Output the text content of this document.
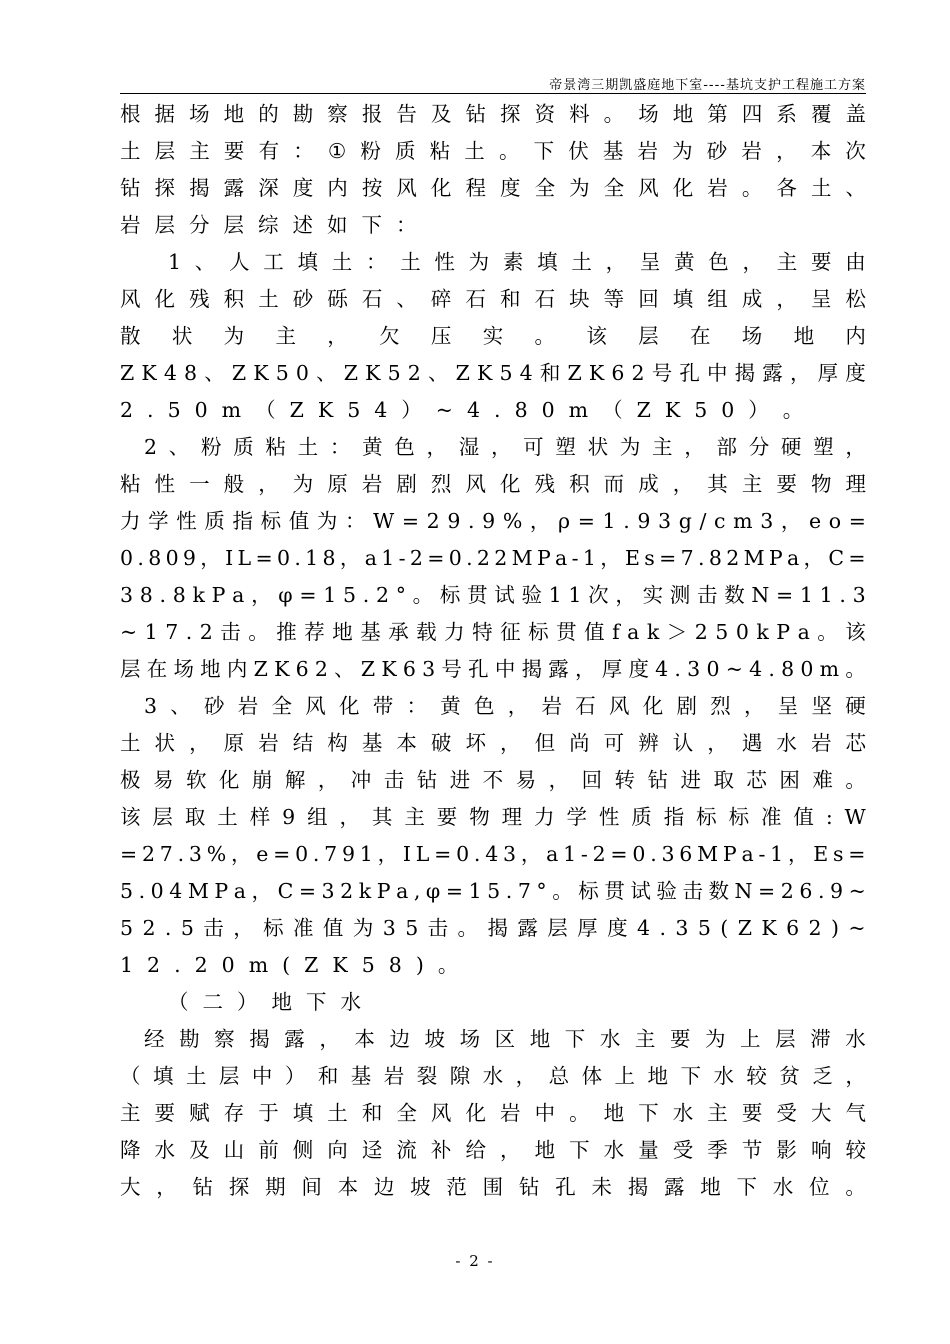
帝景湾三期凯盛庭地下室----基坑支护工程施工方案
根 据 场 地 的 勘 察 报 告 及 钻 探 资 料 。 场 地 第 四 系 覆 盖
土 层 主 要 有 ： ① 粉 质 粘 土 。 下 伏 基 岩 为 砂 岩 ， 本 次
钻 探 揭 露 深 度 内 按 风 化 程 度 全 为 全 风 化 岩 。 各 土 、
岩 层 分 层 综 述 如 下 ：
1 、 人 工 填 土 ： 土 性 为 素 填 土 ， 呈 黄 色 ， 主 要 由
风 化 残 积 土 砂 砾 石 、 碎 石 和 石 块 等 回 填 组 成 ， 呈 松
散 状 为 主 ， 欠 压 实 。 该 层 在 场 地 内
Z K 4 8 、 Z K 5 0 、 Z K 5 2 、 Z K 5 4 和 Z K 6 2 号 孔 中 揭 露 ， 厚 度
2 . 5 0 m （ Z K 5 4 ） ~ 4 . 8 0 m （ Z K 5 0 ） 。
2 、 粉 质 粘 土 ： 黄 色 ， 湿 ， 可 塑 状 为 主 ， 部 分 硬 塑 ，
粘 性 一 般 ， 为 原 岩 剧 烈 风 化 残 积 而 成 ， 其 主 要 物 理
力 学 性 质 指 标 值 为 ： W = 2 9 . 9 % ， ρ = 1 . 9 3 g / c m 3 ， e o =
0 . 8 0 9 ， I L = 0 . 1 8 ， a 1 - 2 = 0 . 2 2 M P a - 1 ， E s = 7 . 8 2 M P a ， C =
3 8 . 8 k P a ， φ = 1 5 . 2 ° 。 标 贯 试 验 1 1 次 ， 实 测 击 数 N = 1 1 . 3
~ 1 7 . 2 击 。 推 荐 地 基 承 载 力 特 征 标 贯 值 f a k ＞ 2 5 0 k P a 。 该
层 在 场 地 内 Z K 6 2 、 Z K 6 3 号 孔 中 揭 露 ， 厚 度 4 . 3 0 ~ 4 . 8 0 m 。
3 、 砂 岩 全 风 化 带 ： 黄 色 ， 岩 石 风 化 剧 烈 ， 呈 坚 硬
土 状 ， 原 岩 结 构 基 本 破 坏 ， 但 尚 可 辨 认 ， 遇 水 岩 芯
极 易 软 化 崩 解 ， 冲 击 钻 进 不 易 ， 回 转 钻 进 取 芯 困 难 。
该 层 取 土 样 9 组 ， 其 主 要 物 理 力 学 性 质 指 标 标 准 值 : W
= 2 7 . 3 % ， e = 0 . 7 9 1 ， I L = 0 . 4 3 ， a 1 - 2 = 0 . 3 6 M P a - 1 ， E s =
5 . 0 4 M P a ， C = 3 2 k P a , φ = 1 5 . 7 ° 。 标 贯 试 验 击 数 N = 2 6 . 9 ~
5 2 . 5 击 ， 标 准 值 为 3 5 击 。 揭 露 层 厚 度 4 . 3 5 ( Z K 6 2 ) ~
1 2 . 2 0 m ( Z K 5 8 ) 。
（ 二 ） 地 下 水
经 勘 察 揭 露 ， 本 边 坡 场 区 地 下 水 主 要 为 上 层 滞 水
（ 填 土 层 中 ） 和 基 岩 裂 隙 水 ， 总 体 上 地 下 水 较 贫 乏 ，
主 要 赋 存 于 填 土 和 全 风 化 岩 中 。 地 下 水 主 要 受 大 气
降 水 及 山 前 侧 向 迳 流 补 给 ， 地 下 水 量 受 季 节 影 响 较
大 ， 钻 探 期 间 本 边 坡 范 围 钻 孔 未 揭 露 地 下 水 位 。
- 2 -
